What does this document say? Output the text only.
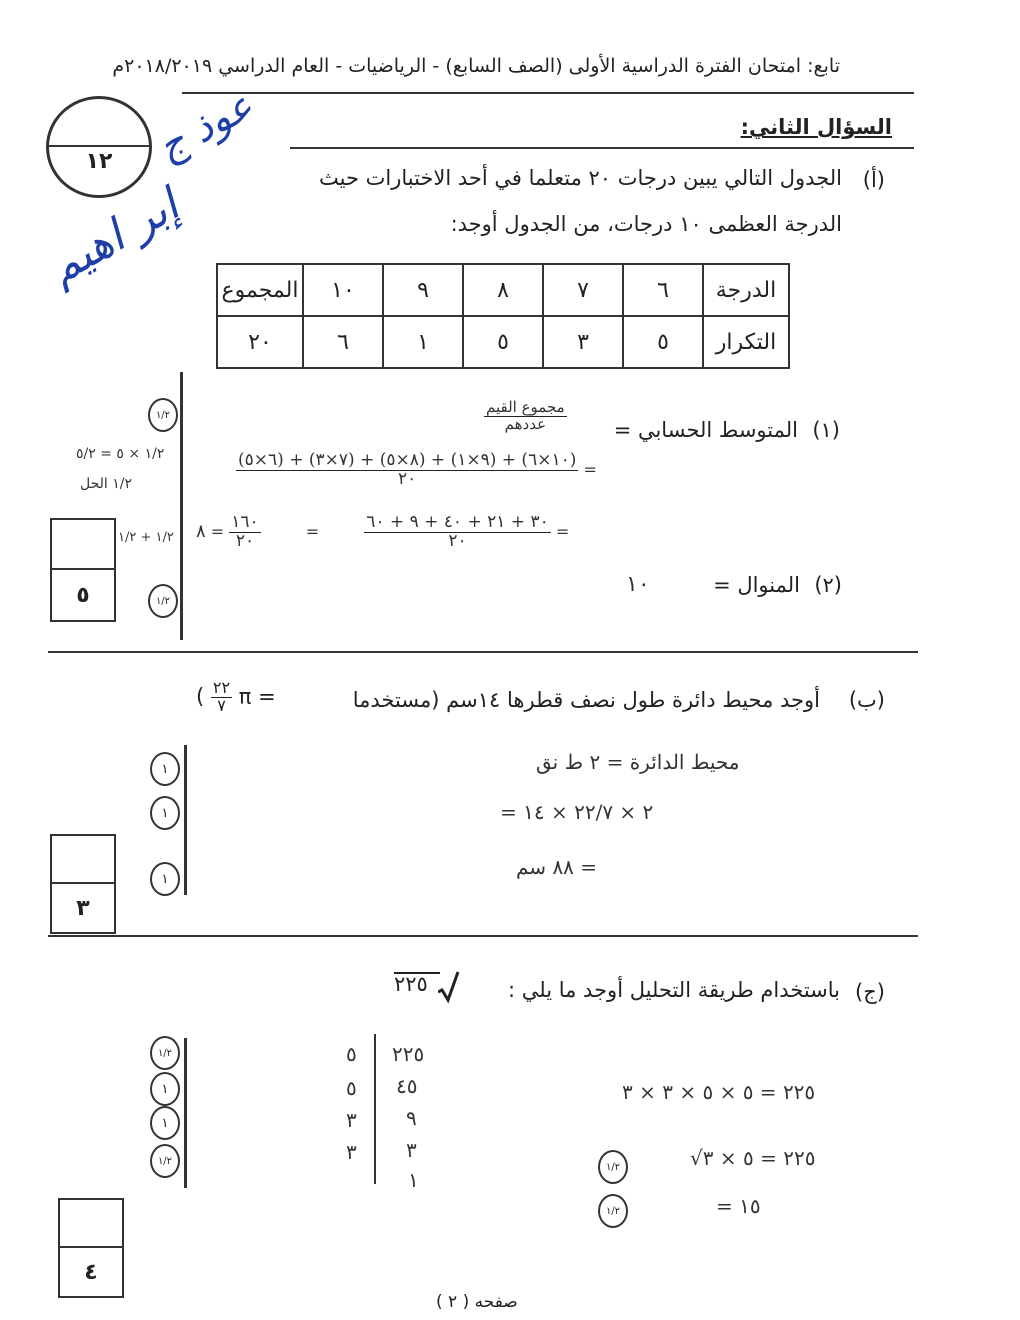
تابع: امتحان الفترة الدراسية الأولى (الصف السابع) - الرياضيات - العام الدراسي ٢٠١٨/٢٠١٩م
١٢ عوذ ج
إبر اهيم
السؤال الثاني:
(أ)
الجدول التالي يبين درجات ٢٠ متعلما في أحد الاختبارات حيث
الدرجة العظمى ١٠ درجات، من الجدول أوجد:
الدرجة	٦	٧	٨	٩	١٠	المجموع
التكرار	٥	٣	٥	١	٦	٢٠
١/٢
١/٢ × ٥ = ٥/٢
١/٢ الحل
١/٢ + ١/٢
١/٢
٥
(١)
المتوسط الحسابي =
$\frac{\text{مجموع القيم}}{\text{عددهم}}$
$\frac{(٦\times ٥) + (٧\times ٣) + (٨\times ٥) + (٩\times ١) + (١٠\times ٦)}{٢٠}$ =
٨ = $\frac{١٦٠}{٢٠}$	= $\frac{٣٠ + ٢١ + ٤٠ + ٩ + ٦٠}{٢٠}$ =
(٢)
المنوال =
١٠
(ب)
أوجد محيط دائرة طول نصف قطرها ١٤سم (مستخدما
( $\frac{٢٢}{٧}$ π =
١
١
١
٣
محيط الدائرة = ٢ ط نق
= ٢ × ٢٢/٧ × ١٤
= ٨٨ سم
(ج)
باستخدام طريقة التحليل أوجد ما يلي :
٢٢٥
١/٢
١
١
١/٢
٤
٥
٥
٣
٣
٢٢٥
٤٥
٩
٣
١
٢٢٥ = ٥ × ٥ × ٣ × ٣
١/٢	√٢٢٥ = ٥ × ٣
١/٢	= ١٥
صفحه ( ٢ )
